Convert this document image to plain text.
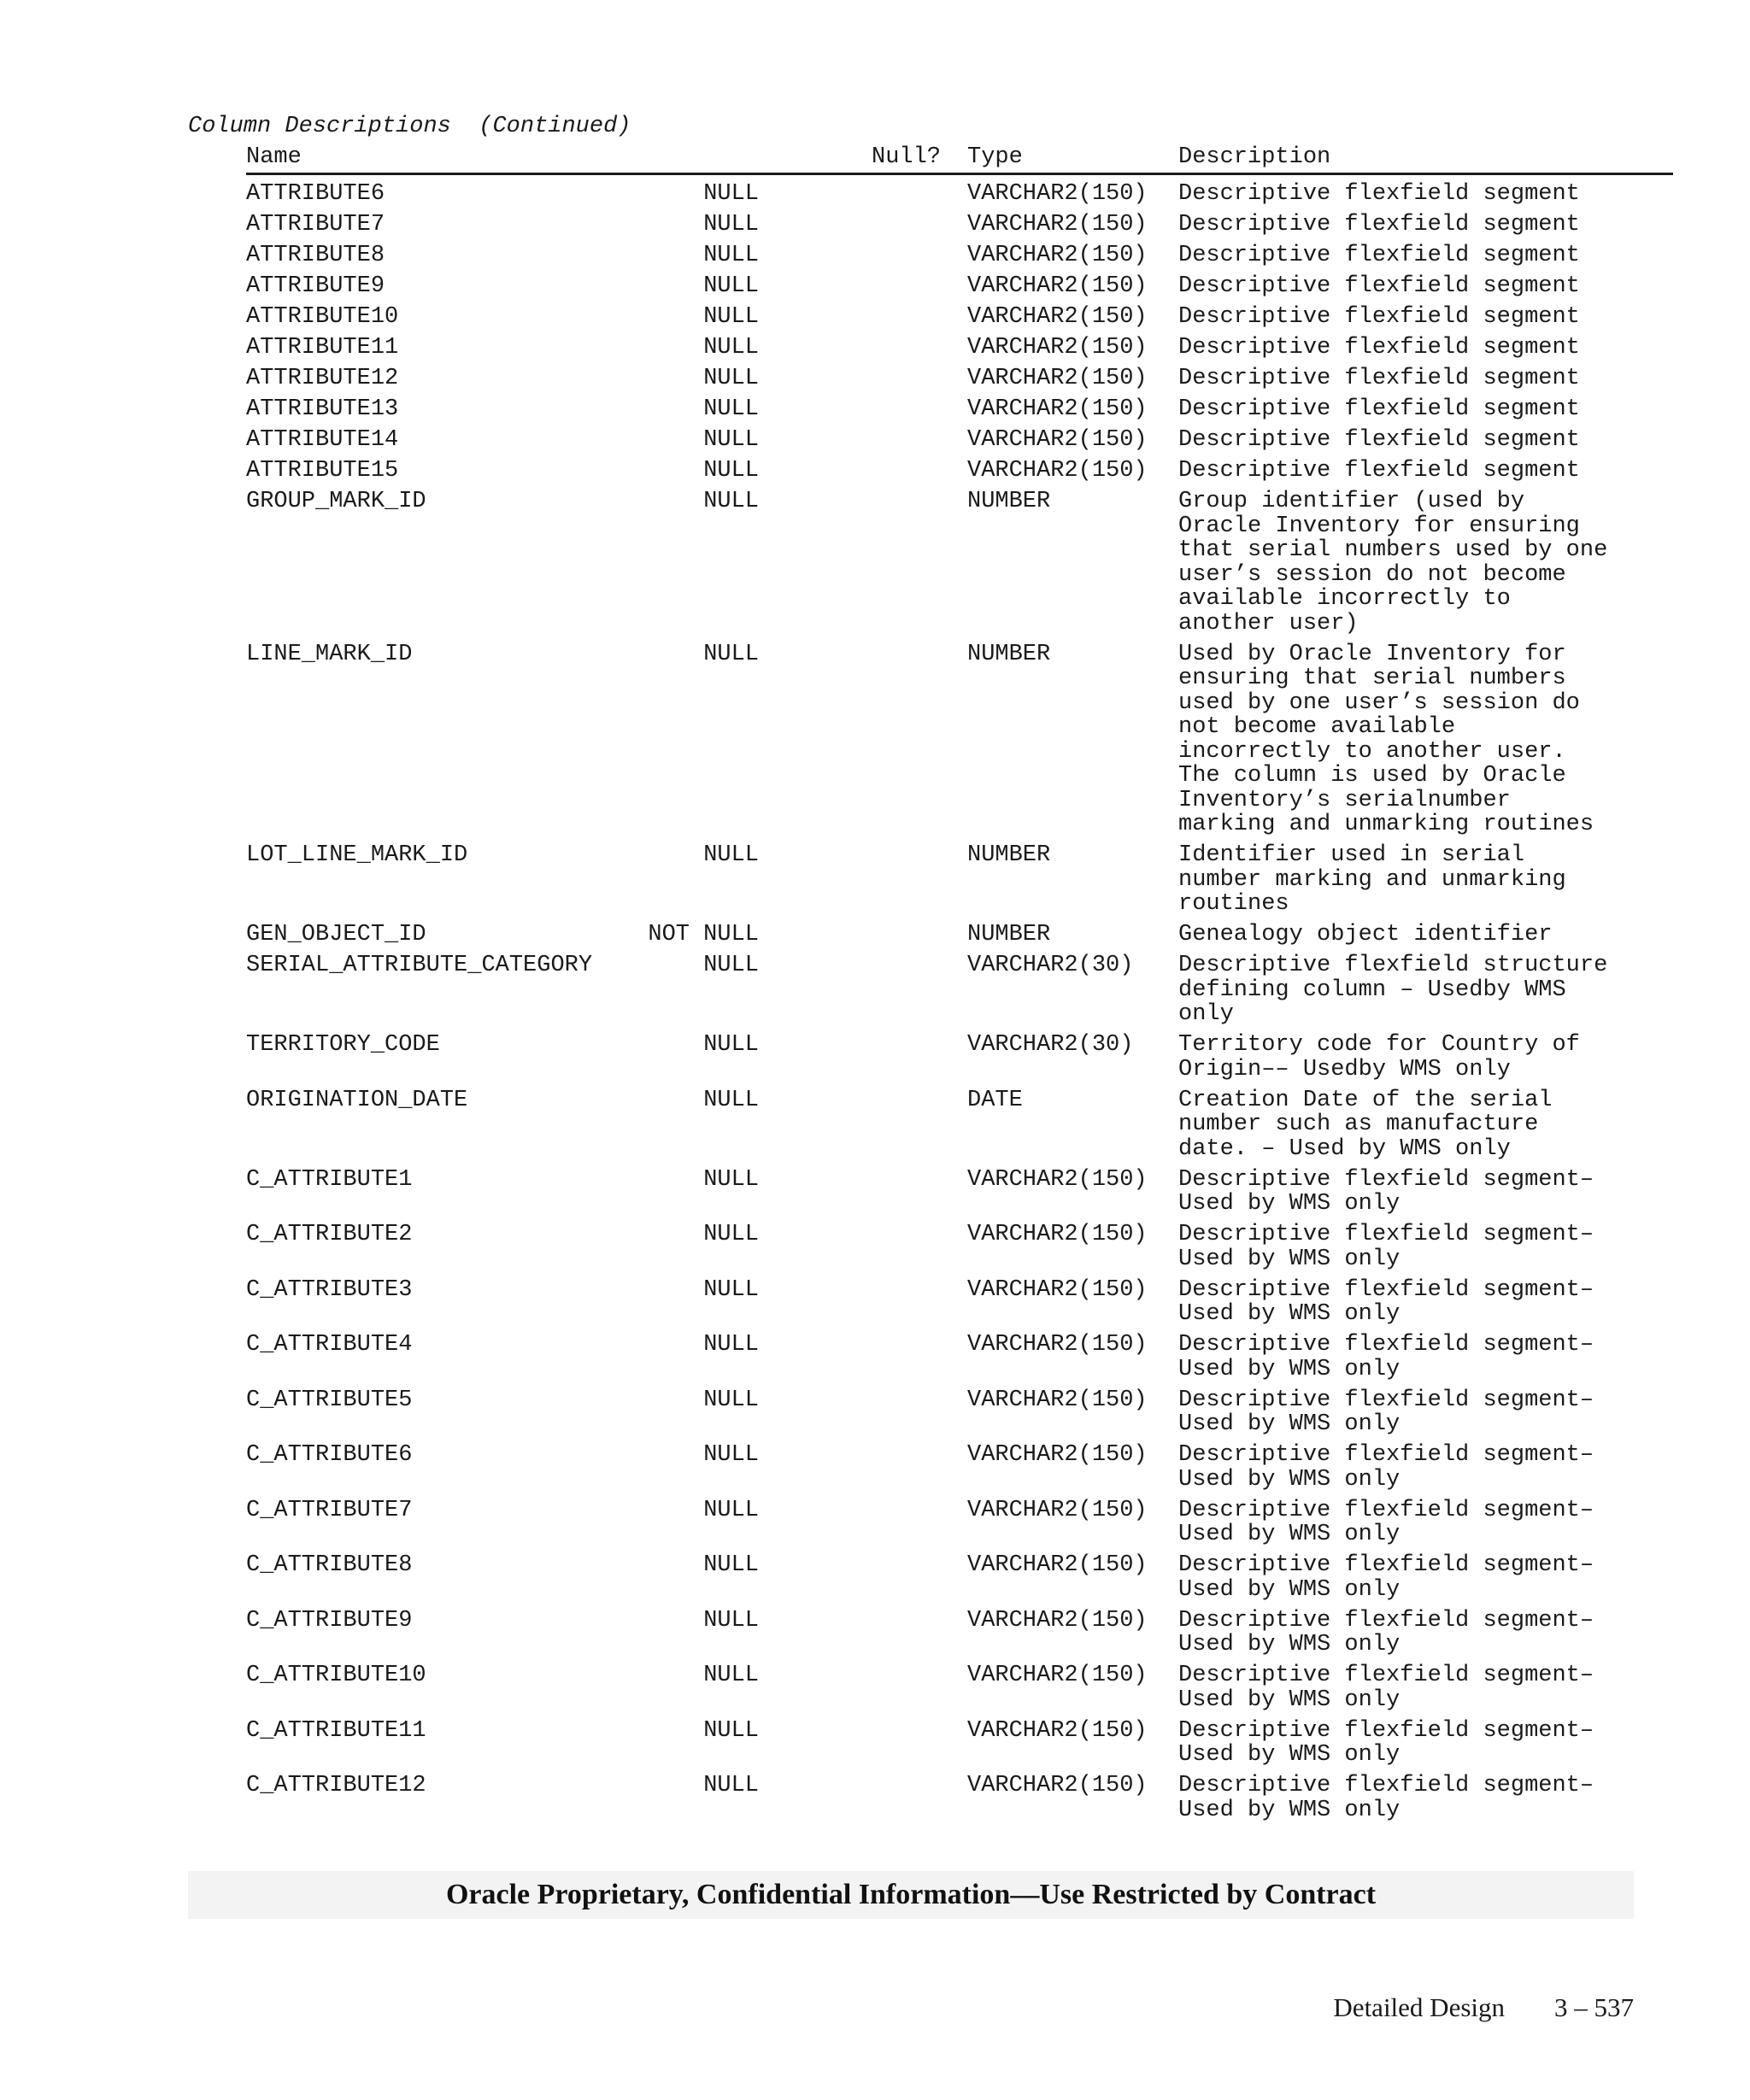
Column Descriptions  (Continued)
Name	Null? Type	Description
ATTRIBUTE6	NULL	VARCHAR2(150) Descriptive flexfield segment
ATTRIBUTE7	NULL	VARCHAR2(150) Descriptive flexfield segment
ATTRIBUTE8	NULL	VARCHAR2(150) Descriptive flexfield segment
ATTRIBUTE9	NULL	VARCHAR2(150) Descriptive flexfield segment
ATTRIBUTE10	NULL	VARCHAR2(150) Descriptive flexfield segment
ATTRIBUTE11	NULL	VARCHAR2(150) Descriptive flexfield segment
ATTRIBUTE12	NULL	VARCHAR2(150) Descriptive flexfield segment
ATTRIBUTE13	NULL	VARCHAR2(150) Descriptive flexfield segment
ATTRIBUTE14	NULL	VARCHAR2(150) Descriptive flexfield segment
ATTRIBUTE15	NULL	VARCHAR2(150) Descriptive flexfield segment
GROUP_MARK_ID	NULL	NUMBER	Group identifier (used by
Oracle Inventory for ensuring
that serial numbers used by one
user’s session do not become
available incorrectly to
another user)
LINE_MARK_ID	NULL	NUMBER	Used by Oracle Inventory for
ensuring that serial numbers
used by one user’s session do
not become available
incorrectly to another user.
The column is used by Oracle
Inventory’s serialnumber
marking and unmarking routines
LOT_LINE_MARK_ID	NULL	NUMBER	Identifier used in serial
number marking and unmarking
routines
GEN_OBJECT_ID	NOT NULL	NUMBER	Genealogy object identifier
SERIAL_ATTRIBUTE_CATEGORY	NULL	VARCHAR2(30) Descriptive flexfield structure
defining column – Usedby WMS
only
TERRITORY_CODE	NULL	VARCHAR2(30) Territory code for Country of
Origin–– Usedby WMS only
ORIGINATION_DATE	NULL	DATE	Creation Date of the serial
number such as manufacture
date. – Used by WMS only
C_ATTRIBUTE1	NULL	VARCHAR2(150) Descriptive flexfield segment–
Used by WMS only
C_ATTRIBUTE2	NULL	VARCHAR2(150) Descriptive flexfield segment–
Used by WMS only
C_ATTRIBUTE3	NULL	VARCHAR2(150) Descriptive flexfield segment–
Used by WMS only
C_ATTRIBUTE4	NULL	VARCHAR2(150) Descriptive flexfield segment–
Used by WMS only
C_ATTRIBUTE5	NULL	VARCHAR2(150) Descriptive flexfield segment–
Used by WMS only
C_ATTRIBUTE6	NULL	VARCHAR2(150) Descriptive flexfield segment–
Used by WMS only
C_ATTRIBUTE7	NULL	VARCHAR2(150) Descriptive flexfield segment–
Used by WMS only
C_ATTRIBUTE8	NULL	VARCHAR2(150) Descriptive flexfield segment–
Used by WMS only
C_ATTRIBUTE9	NULL	VARCHAR2(150) Descriptive flexfield segment–
Used by WMS only
C_ATTRIBUTE10	NULL	VARCHAR2(150) Descriptive flexfield segment–
Used by WMS only
C_ATTRIBUTE11	NULL	VARCHAR2(150) Descriptive flexfield segment–
Used by WMS only
C_ATTRIBUTE12	NULL	VARCHAR2(150) Descriptive flexfield segment–
Used by WMS only
Oracle Proprietary, Confidential Information––Use Restricted by Contract

Detailed Design 3 – 537
